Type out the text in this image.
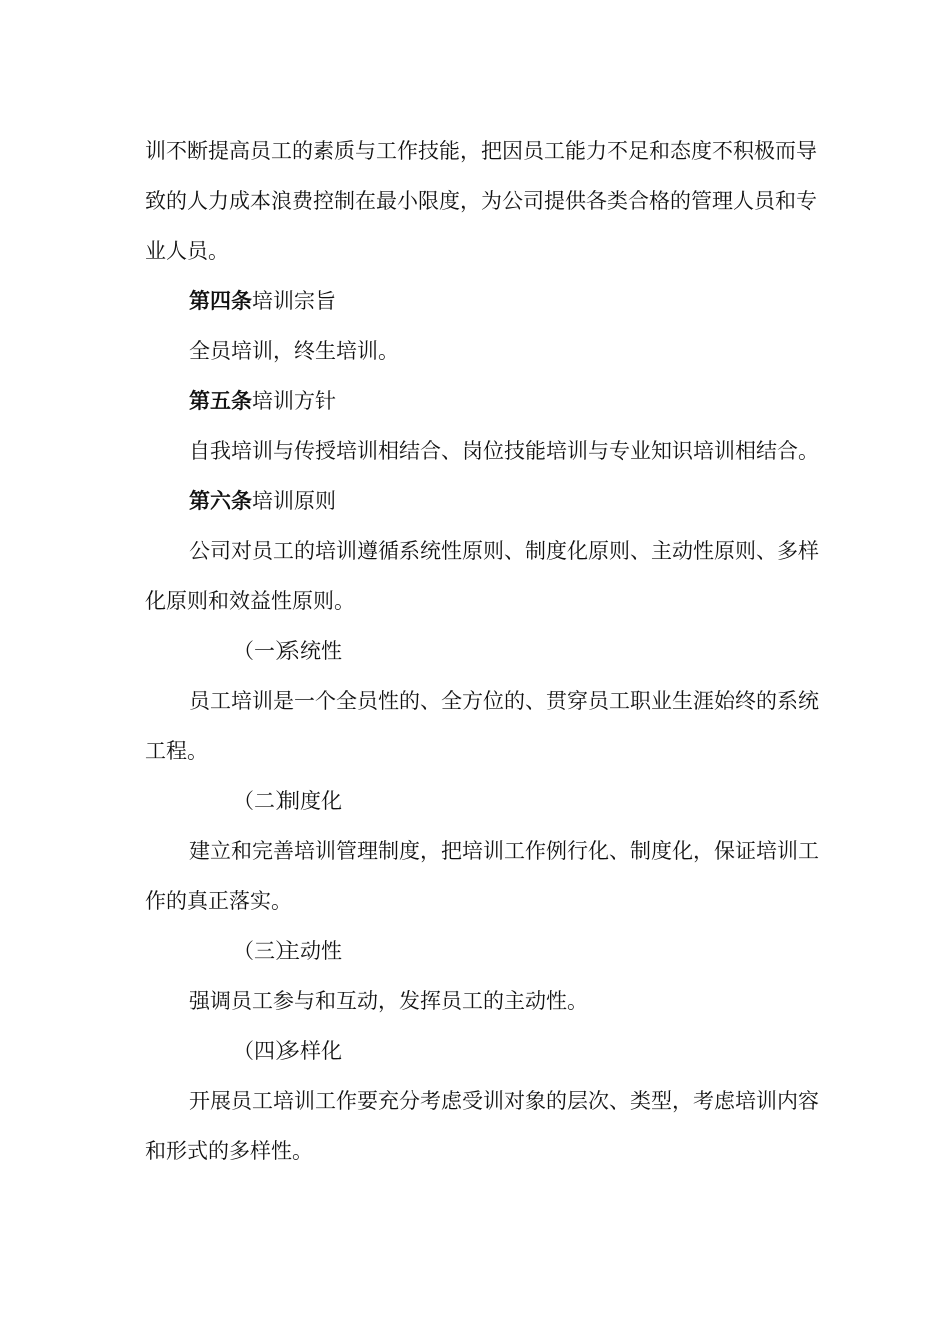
训不断提高员工的素质与工作技能，把因员工能力不足和态度不积极而导致的人力成本浪费控制在最小限度，为公司提供各类合格的管理人员和专业人员。

第四条培训宗旨

全员培训，终生培训。

第五条培训方针

自我培训与传授培训相结合、岗位技能培训与专业知识培训相结合。

第六条培训原则

公司对员工的培训遵循系统性原则、制度化原则、主动性原则、多样化原则和效益性原则。

（一）系统性

员工培训是一个全员性的、全方位的、贯穿员工职业生涯始终的系统工程。

（二）制度化

建立和完善培训管理制度，把培训工作例行化、制度化，保证培训工作的真正落实。

（三）主动性

强调员工参与和互动，发挥员工的主动性。

（四）多样化

开展员工培训工作要充分考虑受训对象的层次、类型，考虑培训内容和形式的多样性。
